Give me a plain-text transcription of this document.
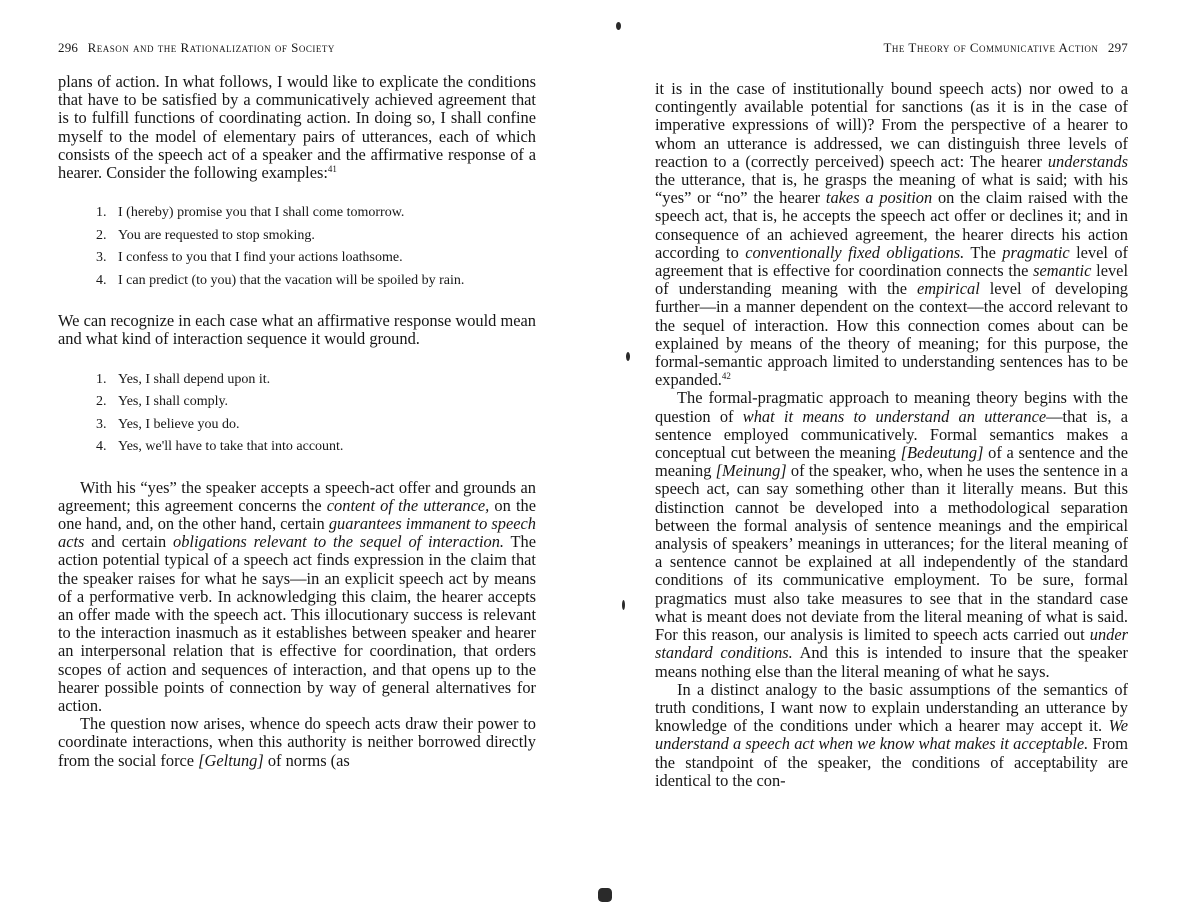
296 Reason and the Rationalization of Society

plans of action. In what follows, I would like to explicate the conditions that have to be satisfied by a communicatively achieved agreement that is to fulfill functions of coordinating action. In doing so, I shall confine myself to the model of elementary pairs of utterances, each of which consists of the speech act of a speaker and the affirmative response of a hearer. Consider the following examples:$^{41}$

1. I (hereby) promise you that I shall come tomorrow.
2. You are requested to stop smoking.
3. I confess to you that I find your actions loathsome.
4. I can predict (to you) that the vacation will be spoiled by rain.

We can recognize in each case what an affirmative response would mean and what kind of interaction sequence it would ground.

1. Yes, I shall depend upon it.
2. Yes, I shall comply.
3. Yes, I believe you do.
4. Yes, we'll have to take that into account.

With his “yes” the speaker accepts a speech-act offer and grounds an agreement; this agreement concerns the content of the utterance, on the one hand, and, on the other hand, certain guarantees immanent to speech acts and certain obligations relevant to the sequel of interaction. The action potential typical of a speech act finds expression in the claim that the speaker raises for what he says—in an explicit speech act by means of a performative verb. In acknowledging this claim, the hearer accepts an offer made with the speech act. This illocutionary success is relevant to the interaction inasmuch as it establishes between speaker and hearer an interpersonal relation that is effective for coordination, that orders scopes of action and sequences of interaction, and that opens up to the hearer possible points of connection by way of general alternatives for action.

The question now arises, whence do speech acts draw their power to coordinate interactions, when this authority is neither borrowed directly from the social force [Geltung] of norms (as

The Theory of Communicative Action 297

it is in the case of institutionally bound speech acts) nor owed to a contingently available potential for sanctions (as it is in the case of imperative expressions of will)? From the perspective of a hearer to whom an utterance is addressed, we can distinguish three levels of reaction to a (correctly perceived) speech act: The hearer understands the utterance, that is, he grasps the meaning of what is said; with his “yes” or “no” the hearer takes a position on the claim raised with the speech act, that is, he accepts the speech act offer or declines it; and in consequence of an achieved agreement, the hearer directs his action according to conventionally fixed obligations. The pragmatic level of agreement that is effective for coordination connects the semantic level of understanding meaning with the empirical level of developing further—in a manner dependent on the context—the accord relevant to the sequel of interaction. How this connection comes about can be explained by means of the theory of meaning; for this purpose, the formal-semantic approach limited to understanding sentences has to be expanded.$^{42}$

The formal-pragmatic approach to meaning theory begins with the question of what it means to understand an utterance—that is, a sentence employed communicatively. Formal semantics makes a conceptual cut between the meaning [Bedeutung] of a sentence and the meaning [Meinung] of the speaker, who, when he uses the sentence in a speech act, can say something other than it literally means. But this distinction cannot be developed into a methodological separation between the formal analysis of sentence meanings and the empirical analysis of speakers’ meanings in utterances; for the literal meaning of a sentence cannot be explained at all independently of the standard conditions of its communicative employment. To be sure, formal pragmatics must also take measures to see that in the standard case what is meant does not deviate from the literal meaning of what is said. For this reason, our analysis is limited to speech acts carried out under standard conditions. And this is intended to insure that the speaker means nothing else than the literal meaning of what he says.

In a distinct analogy to the basic assumptions of the semantics of truth conditions, I want now to explain understanding an utterance by knowledge of the conditions under which a hearer may accept it. We understand a speech act when we know what makes it acceptable. From the standpoint of the speaker, the conditions of acceptability are identical to the con-
